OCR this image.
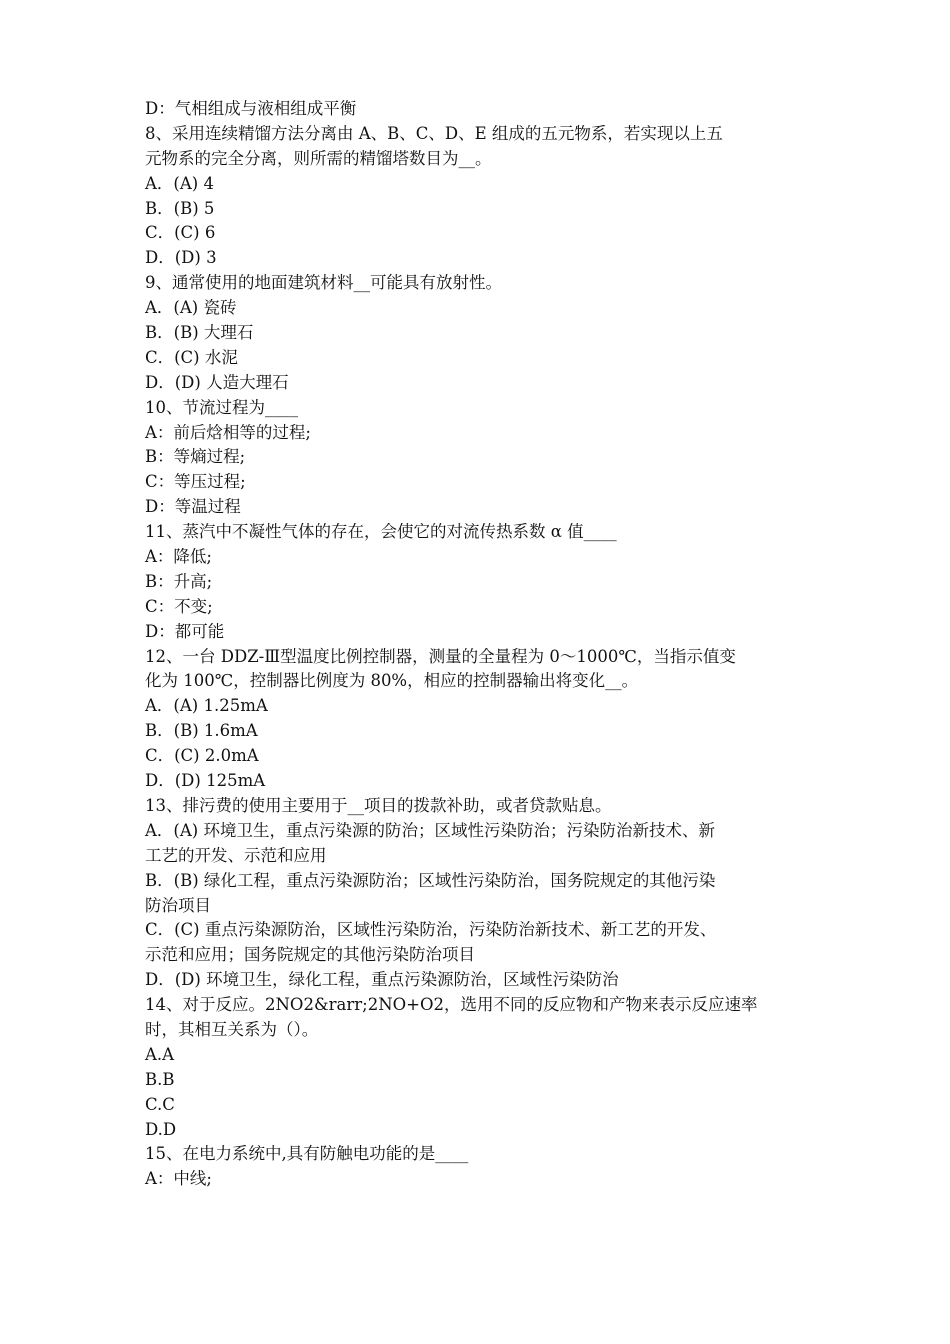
D：气相组成与液相组成平衡
8、采用连续精馏方法分离由 A、B、C、D、E 组成的五元物系，若实现以上五
元物系的完全分离，则所需的精馏塔数目为__。
A．(A) 4
B．(B) 5
C．(C) 6
D．(D) 3
9、通常使用的地面建筑材料__可能具有放射性。
A．(A) 瓷砖
B．(B) 大理石
C．(C) 水泥
D．(D) 人造大理石
10、节流过程为____
A：前后焓相等的过程;
B：等熵过程;
C：等压过程;
D：等温过程
11、蒸汽中不凝性气体的存在，会使它的对流传热系数 α 值____
A：降低;
B：升高;
C：不变;
D：都可能
12、一台 DDZ-Ⅲ型温度比例控制器，测量的全量程为 0～1000℃，当指示值变
化为 100℃，控制器比例度为 80%，相应的控制器输出将变化__。
A．(A) 1.25mA
B．(B) 1.6mA
C．(C) 2.0mA
D．(D) 125mA
13、排污费的使用主要用于__项目的拨款补助，或者贷款贴息。
A．(A) 环境卫生，重点污染源的防治；区域性污染防治；污染防治新技术、新
工艺的开发、示范和应用
B．(B) 绿化工程，重点污染源防治；区域性污染防治，国务院规定的其他污染
防治项目
C．(C) 重点污染源防治，区域性污染防治，污染防治新技术、新工艺的开发、
示范和应用；国务院规定的其他污染防治项目
D．(D) 环境卫生，绿化工程，重点污染源防治，区域性污染防治
14、对于反应。2NO2&rarr;2NO+O2，选用不同的反应物和产物来表示反应速率
时，其相互关系为（）。
A.A
B.B
C.C
D.D
15、在电力系统中,具有防触电功能的是____
A：中线;
